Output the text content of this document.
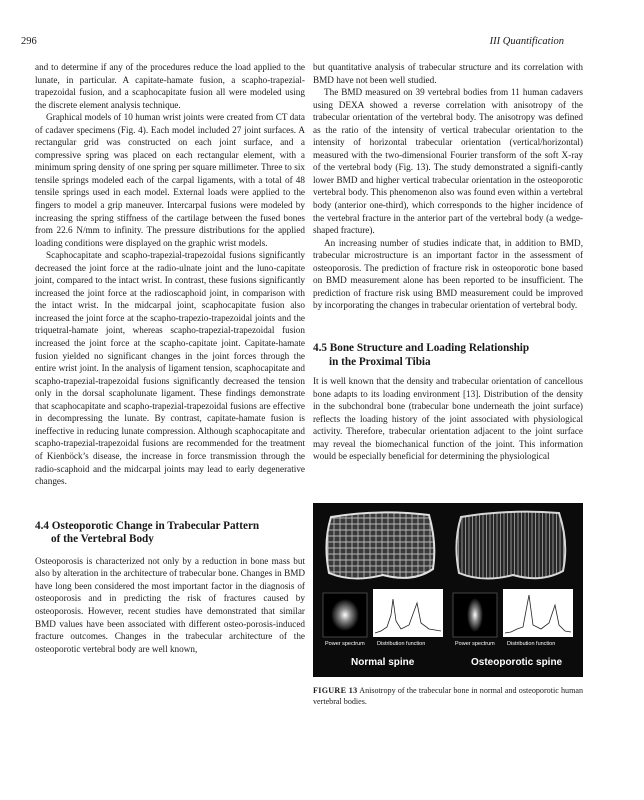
296	III Quantification

and to determine if any of the procedures reduce the load applied to the lunate, in particular. A capitate-hamate fusion, a scapho-trapezial-trapezoidal fusion, and a scaphocapitate fusion all were modeled using the discrete element analysis technique.

Graphical models of 10 human wrist joints were created from CT data of cadaver specimens (Fig. 4). Each model included 27 joint surfaces. A rectangular grid was constructed on each joint surface, and a compressive spring was placed on each rectangular element, with a minimum spring density of one spring per square millimeter. Three to six tensile springs modeled each of the carpal ligaments, with a total of 48 tensile springs used in each model. External loads were applied to the fingers to model a grip maneuver. Intercarpal fusions were modeled by increasing the spring stiffness of the cartilage between the fused bones from 22.6 N/mm to infinity. The pressure distributions for the applied loading conditions were displayed on the graphic wrist models.

Scaphocapitate and scapho-trapezial-trapezoidal fusions significantly decreased the joint force at the radio-ulnate joint and the luno-capitate joint, compared to the intact wrist. In contrast, these fusions significantly increased the joint force at the radioscaphoid joint, in comparison with the intact wrist. In the midcarpal joint, scaphocapitate fusion also increased the joint force at the scapho-trapezio-trapezoidal joints and the triquetral-hamate joint, whereas scapho-trapezial-trapezoidal fusion increased the joint force at the scapho-capitate joint. Capitate-hamate fusion yielded no significant changes in the joint forces through the entire wrist joint. In the analysis of ligament tension, scaphocapitate and scapho-trapezial-trapezoidal fusions significantly decreased the tension only in the dorsal scapholunate ligament. These findings demonstrate that scaphocapitate and scapho-trapezial-trapezoidal fusions are effective in decompressing the lunate. By contrast, capitate-hamate fusion is ineffective in reducing lunate compression. Although scaphocapitate and scapho-trapezial-trapezoidal fusions are recommended for the treatment of Kienböck’s disease, the increase in force transmission through the radio-scaphoid and the midcarpal joints may lead to early degenerative changes.

4.4 Osteoporotic Change in Trabecular Pattern
of the Vertebral Body

Osteoporosis is characterized not only by a reduction in bone mass but also by alteration in the architecture of trabecular bone. Changes in BMD have long been considered the most important factor in the diagnosis of osteoporosis and in predicting the risk of fractures caused by osteoporosis. However, recent studies have demonstrated that similar BMD values have been associated with different osteo-porosis-induced fracture outcomes. Changes in the trabecular architecture of the osteoporotic vertebral body are well known,

but quantitative analysis of trabecular structure and its correlation with BMD have not been well studied.

The BMD measured on 39 vertebral bodies from 11 human cadavers using DEXA showed a reverse correlation with anisotropy of the trabecular orientation of the vertebral body. The anisotropy was defined as the ratio of the intensity of vertical trabecular orientation to the intensity of horizontal trabecular orientation (vertical/horizontal) measured with the two-dimensional Fourier transform of the soft X-ray of the vertebral body (Fig. 13). The study demonstrated a signifi-cantly lower BMD and higher vertical trabecular orientation in the osteoporotic vertebral body. This phenomenon also was found even within a vertebral body (anterior one-third), which corresponds to the higher incidence of the vertebral fracture in the anterior part of the vertebral body (a wedge-shaped fracture).

An increasing number of studies indicate that, in addition to BMD, trabecular microstructure is an important factor in the assessment of osteoporosis. The prediction of fracture risk in osteoporotic bone based on BMD measurement alone has been reported to be insufficient. The prediction of fracture risk using BMD measurement could be improved by incorporating the changes in trabecular orientation of vertebral body.

4.5 Bone Structure and Loading Relationship
in the Proximal Tibia

It is well known that the density and trabecular orientation of cancellous bone adapts to its loading environment [13]. Distribution of the density in the subchondral bone (trabecular bone underneath the joint surface) reflects the loading history of the joint associated with physiological activity. Therefore, trabecular orientation adjacent to the joint surface may reveal the biomechanical function of the joint. This information would be especially beneficial for determining the physiological

Power spectrum Distribution function	Power spectrum Distribution function
Normal spine	Osteoporotic spine
FIGURE 13 Anisotropy of the trabecular bone in normal and osteoporotic human vertebral bodies.
